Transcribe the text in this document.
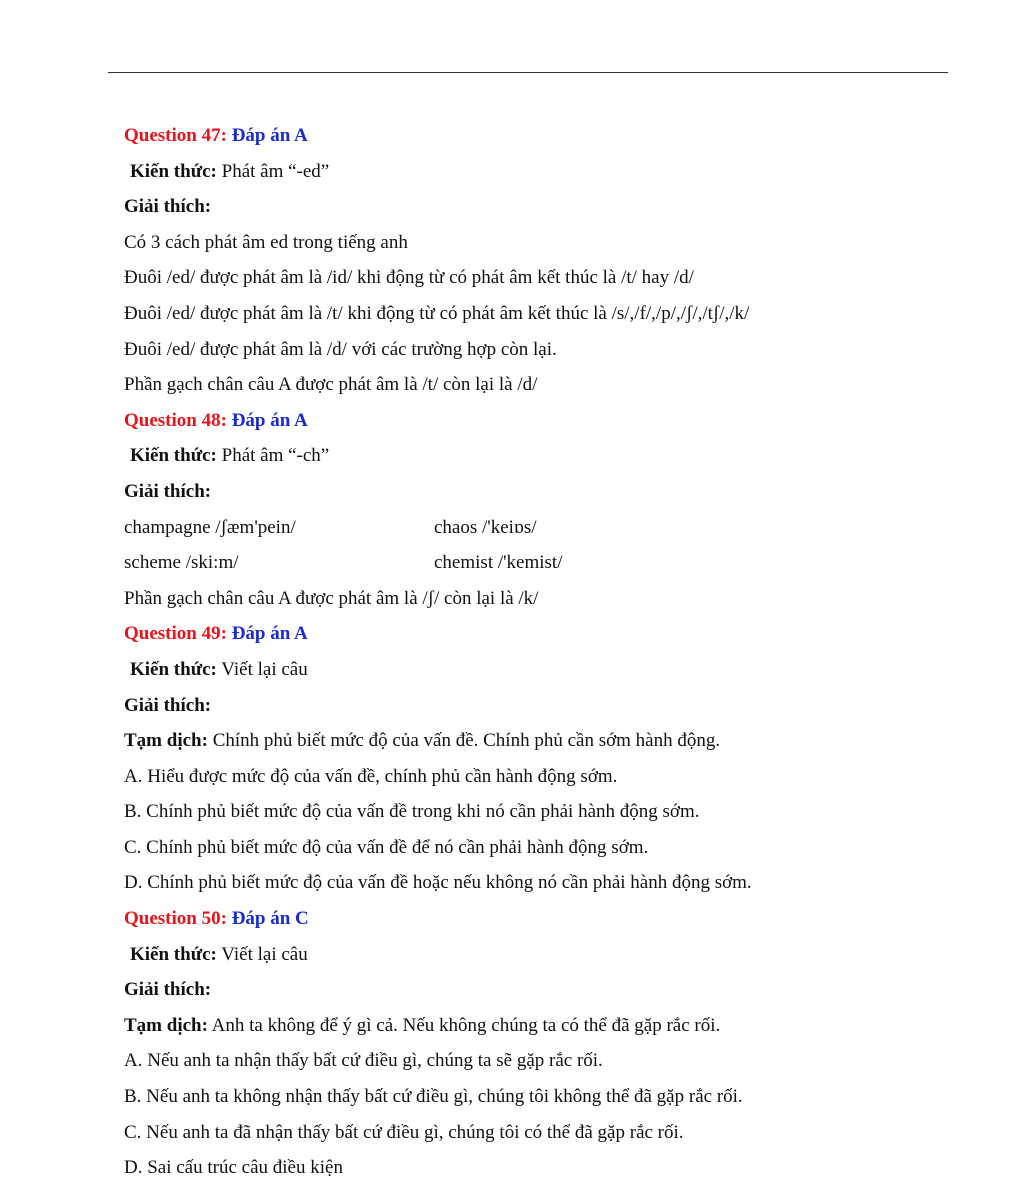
Question 47: Đáp án A
Kiến thức: Phát âm “-ed”
Giải thích:
Có 3 cách phát âm ed trong tiếng anh
Đuôi /ed/ được phát âm là /id/ khi động từ có phát âm kết thúc là /t/ hay /d/
Đuôi /ed/ được phát âm là /t/ khi động từ có phát âm kết thúc là /s/,/f/,/p/,/ʃ/,/tʃ/,/k/
Đuôi /ed/ được phát âm là /d/ với các trường hợp còn lại.
Phần gạch chân câu A được phát âm là /t/ còn lại là /d/
Question 48: Đáp án A
Kiến thức: Phát âm “-ch”
Giải thích:
champagne /ʃæm'pein/	chaos /'keiɒs/
scheme /ski:m/	chemist /'kemist/
Phần gạch chân câu A được phát âm là /ʃ/ còn lại là /k/
Question 49: Đáp án A
Kiến thức: Viết lại câu
Giải thích:
Tạm dịch: Chính phủ biết mức độ của vấn đề. Chính phủ cần sớm hành động.
A. Hiểu được mức độ của vấn đề, chính phủ cần hành động sớm.
B. Chính phủ biết mức độ của vấn đề trong khi nó cần phải hành động sớm.
C. Chính phủ biết mức độ của vấn đề để nó cần phải hành động sớm.
D. Chính phủ biết mức độ của vấn đề hoặc nếu không nó cần phải hành động sớm.
Question 50: Đáp án C
Kiến thức: Viết lại câu
Giải thích:
Tạm dịch: Anh ta không để ý gì cả. Nếu không chúng ta có thể đã gặp rắc rối.
A. Nếu anh ta nhận thấy bất cứ điều gì, chúng ta sẽ gặp rắc rối.
B. Nếu anh ta không nhận thấy bất cứ điều gì, chúng tôi không thể đã gặp rắc rối.
C. Nếu anh ta đã nhận thấy bất cứ điều gì, chúng tôi có thể đã gặp rắc rối.
D. Sai cấu trúc câu điều kiện
